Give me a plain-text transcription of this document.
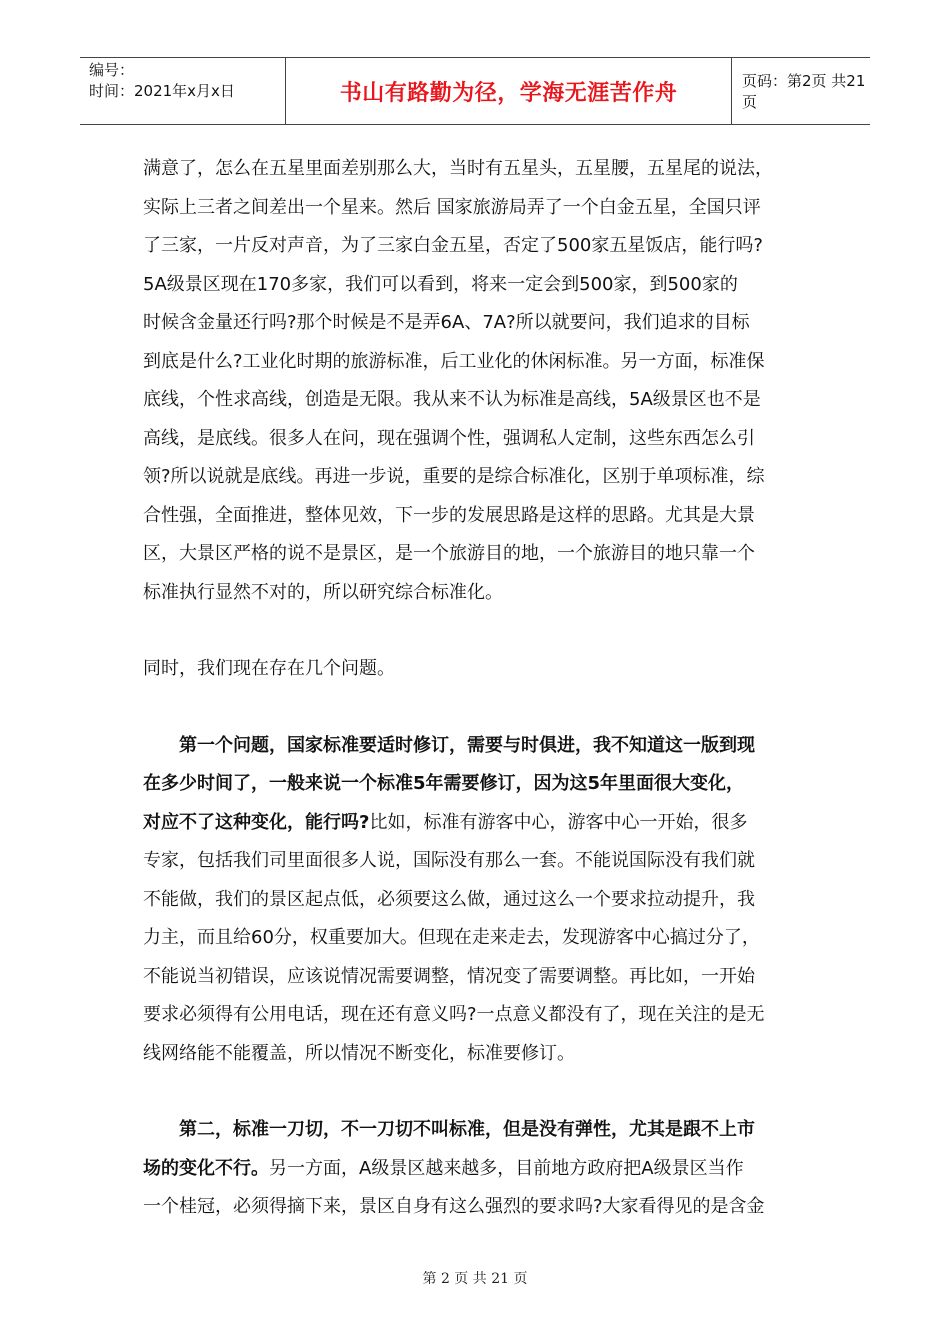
编号：
时间：2021年x月x日	书山有路勤为径，学海无涯苦作舟	页码：第2页 共21页
满意了，怎么在五星里面差别那么大，当时有五星头，五星腰，五星尾的说法，
实际上三者之间差出一个星来。然后 国家旅游局弄了一个白金五星，全国只评
了三家，一片反对声音，为了三家白金五星，否定了500家五星饭店，能行吗?
5A级景区现在170多家，我们可以看到，将来一定会到500家，到500家的
时候含金量还行吗?那个时候是不是弄6A、7A?所以就要问，我们追求的目标
到底是什么?工业化时期的旅游标准，后工业化的休闲标准。另一方面，标准保
底线，个性求高线，创造是无限。我从来不认为标准是高线，5A级景区也不是
高线，是底线。很多人在问，现在强调个性，强调私人定制，这些东西怎么引
领?所以说就是底线。再进一步说，重要的是综合标准化，区别于单项标准，综
合性强，全面推进，整体见效，下一步的发展思路是这样的思路。尤其是大景
区，大景区严格的说不是景区，是一个旅游目的地，一个旅游目的地只靠一个
标准执行显然不对的，所以研究综合标准化。
同时，我们现在存在几个问题。
第一个问题，国家标准要适时修订，需要与时俱进，我不知道这一版到现
在多少时间了，一般来说一个标准5年需要修订，因为这5年里面很大变化，
对应不了这种变化，能行吗?比如，标准有游客中心，游客中心一开始，很多
专家，包括我们司里面很多人说，国际没有那么一套。不能说国际没有我们就
不能做，我们的景区起点低，必须要这么做，通过这么一个要求拉动提升，我
力主，而且给60分，权重要加大。但现在走来走去，发现游客中心搞过分了，
不能说当初错误，应该说情况需要调整，情况变了需要调整。再比如，一开始
要求必须得有公用电话，现在还有意义吗?一点意义都没有了，现在关注的是无
线网络能不能覆盖，所以情况不断变化，标准要修订。
第二，标准一刀切，不一刀切不叫标准，但是没有弹性，尤其是跟不上市
场的变化不行。另一方面，A级景区越来越多，目前地方政府把A级景区当作
一个桂冠，必须得摘下来，景区自身有这么强烈的要求吗?大家看得见的是含金
第 2 页 共 21 页
